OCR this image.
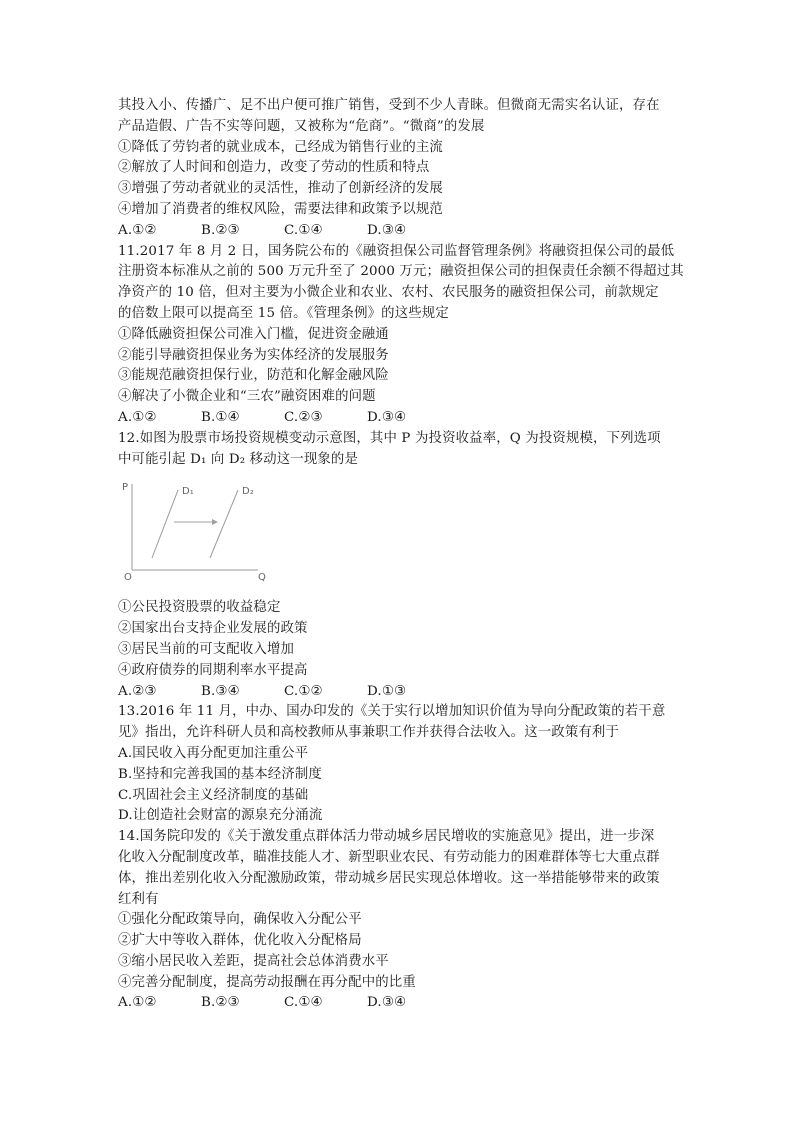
其投入小、传播广、足不出户便可推广销售，受到不少人青睐。但微商无需实名认证，存在
产品造假、广告不实等问题，又被称为“危商”。“微商”的发展
①降低了劳钧者的就业成本，己经成为销售行业的主流
②解放了人时间和创造力，改变了劳动的性质和特点
③增强了劳动者就业的灵活性，推动了创新经济的发展
④增加了消费者的维权风险，需要法律和政策予以规范
A.①②	B.②③	C.①④	D.③④
11.2017 年 8 月 2 日，国务院公布的《融资担保公司监督管理条例》将融资担保公司的最低
注册资本标准从之前的 500 万元升至了 2000 万元；融资担保公司的担保责任余额不得超过其
净资产的 10 倍，但对主要为小微企业和农业、农村、农民服务的融资担保公司，前款规定
的倍数上限可以提高至 15 倍。《管理条例》的这些规定
①降低融资担保公司准入门槛，促进资金融通
②能引导融资担保业务为实体经济的发展服务
③能规范融资担保行业，防范和化解金融风险
④解决了小微企业和“三农”融资困难的问题
A.①②	B.①④	C.②③	D.③④
12.如图为股票市场投资规模变动示意图，其中 P 为投资收益率，Q 为投资规模，下列选项
中可能引起 D₁ 向 D₂ 移动这一现象的是
P
Q
O
D₁	D₂
①公民投资股票的收益稳定
②国家出台支持企业发展的政策
③居民当前的可支配收入增加
④政府债券的同期利率水平提高
A.②③	B.③④	C.①②	D.①③
13.2016 年 11 月，中办、国办印发的《关于实行以增加知识价值为导向分配政策的若干意
见》指出，允许科研人员和高校教师从事兼职工作并获得合法收入。这一政策有利于
A.国民收入再分配更加注重公平
B.坚持和完善我国的基本经济制度
C.巩固社会主义经济制度的基础
D.让创造社会财富的源泉充分涌流
14.国务院印发的《关于激发重点群体活力带动城乡居民增收的实施意见》提出，进一步深
化收入分配制度改革，瞄准技能人才、新型职业农民、有劳动能力的困难群体等七大重点群
体，推出差别化收入分配激励政策，带动城乡居民实现总体增收。这一举措能够带来的政策
红利有
①强化分配政策导向，确保收入分配公平
②扩大中等收入群体，优化收入分配格局
③缩小居民收入差距，提高社会总体消费水平
④完善分配制度，提高劳动报酬在再分配中的比重
A.①②	B.②③	C.①④	D.③④
